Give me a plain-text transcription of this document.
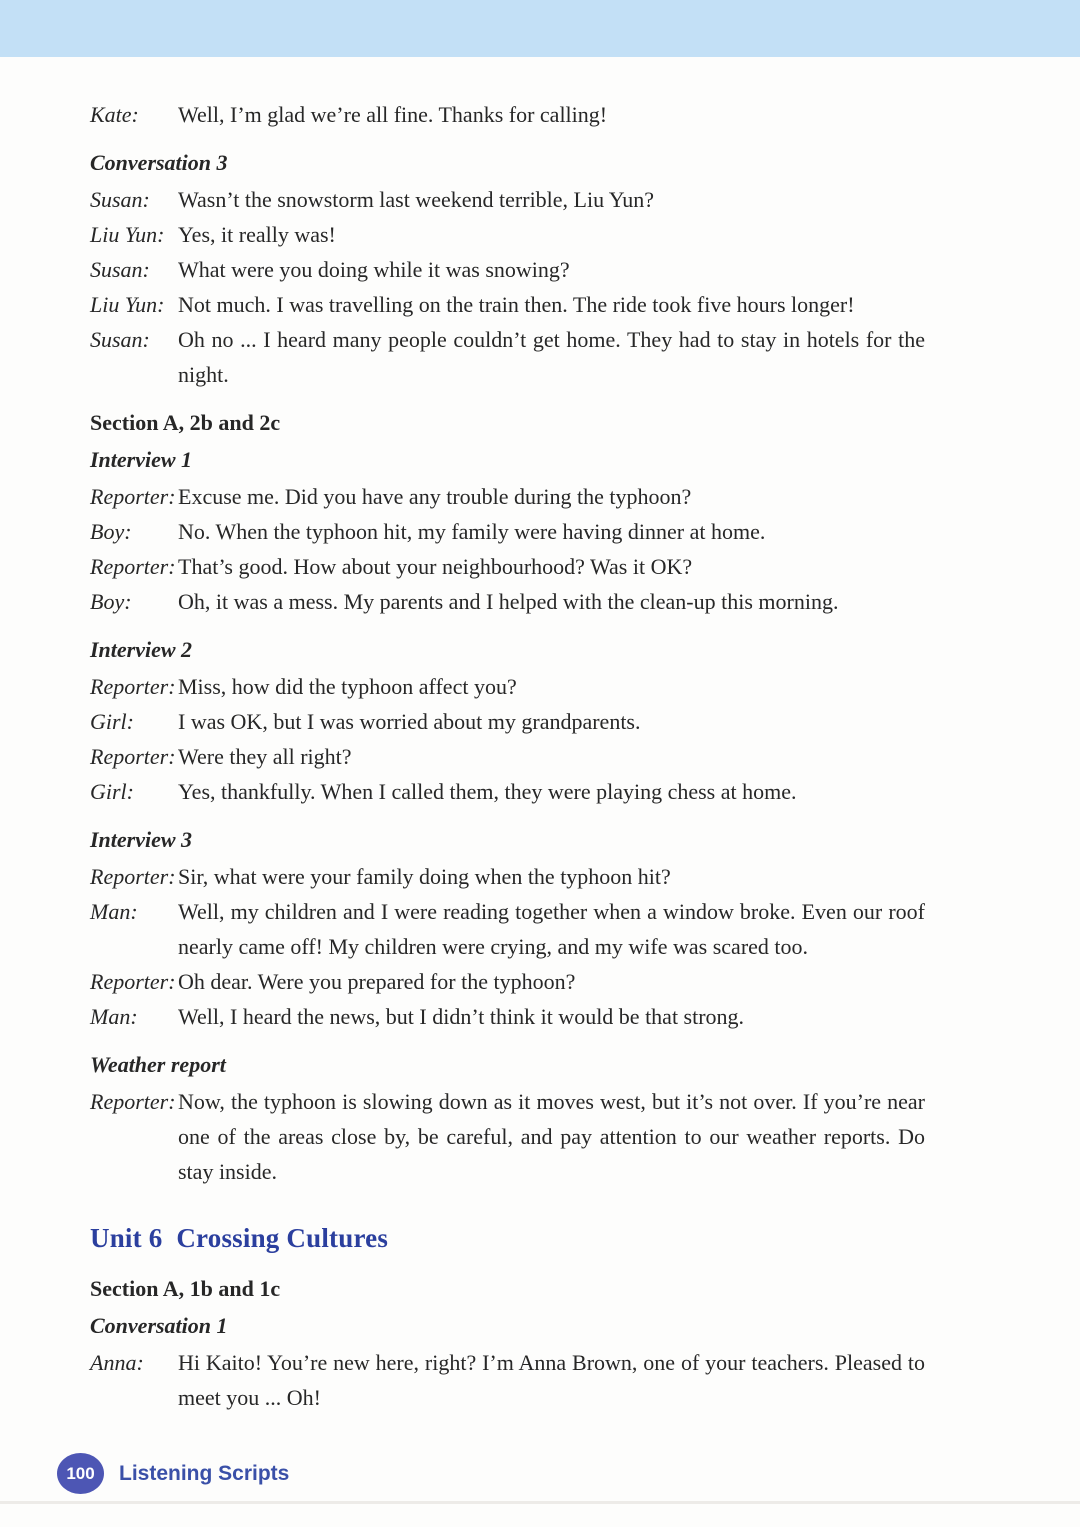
Kate:	Well, I’m glad we’re all fine. Thanks for calling!
Conversation 3
Susan:	Wasn’t the snowstorm last weekend terrible, Liu Yun?
Liu Yun: Yes, it really was!
Susan:	What were you doing while it was snowing?
Liu Yun: Not much. I was travelling on the train then. The ride took five hours longer!
Susan:	Oh no ... I heard many people couldn’t get home. They had to stay in hotels for the night.
Section A, 2b and 2c
Interview 1
Reporter: Excuse me. Did you have any trouble during the typhoon?
Boy:	No. When the typhoon hit, my family were having dinner at home.
Reporter: That’s good. How about your neighbourhood? Was it OK?
Boy:	Oh, it was a mess. My parents and I helped with the clean-up this morning.
Interview 2
Reporter: Miss, how did the typhoon affect you?
Girl:	I was OK, but I was worried about my grandparents.
Reporter: Were they all right?
Girl:	Yes, thankfully. When I called them, they were playing chess at home.
Interview 3
Reporter: Sir, what were your family doing when the typhoon hit?
Man:	Well, my children and I were reading together when a window broke. Even our roof nearly came off! My children were crying, and my wife was scared too.
Reporter: Oh dear. Were you prepared for the typhoon?
Man:	Well, I heard the news, but I didn’t think it would be that strong.
Weather report
Reporter: Now, the typhoon is slowing down as it moves west, but it’s not over. If you’re near one of the areas close by, be careful, and pay attention to our weather reports. Do stay inside.
Unit 6  Crossing Cultures
Section A, 1b and 1c
Conversation 1
Anna:	Hi Kaito! You’re new here, right? I’m Anna Brown, one of your teachers. Pleased to meet you ... Oh!
100	Listening Scripts
